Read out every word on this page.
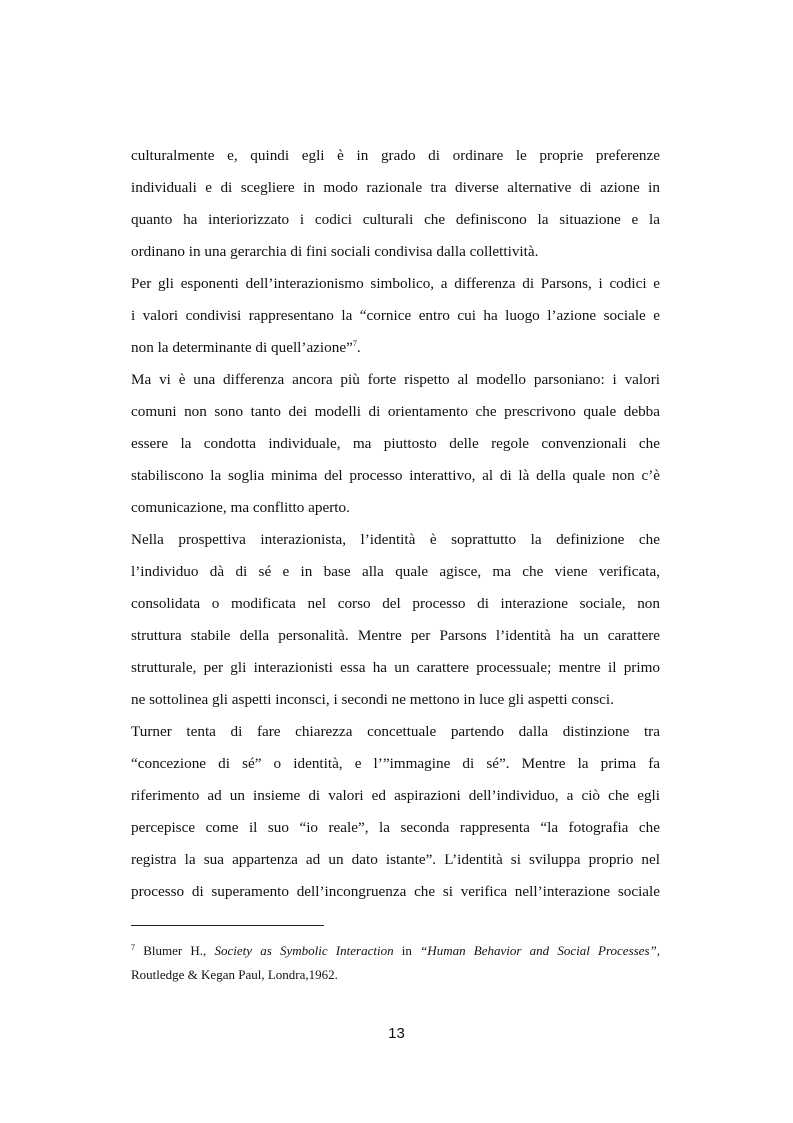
culturalmente e, quindi egli è in grado di ordinare le proprie preferenze
individuali e di scegliere in modo razionale tra diverse alternative di azione in
quanto ha interiorizzato i codici culturali che definiscono la situazione e la
ordinano in una gerarchia di fini sociali condivisa dalla collettività.
Per gli esponenti dell’interazionismo simbolico, a differenza di Parsons, i codici e
i valori condivisi rappresentano la “cornice entro cui ha luogo l’azione sociale e
non la determinante di quell’azione”$^7$.
Ma vi è una differenza ancora più forte rispetto al modello parsoniano: i valori
comuni non sono tanto dei modelli di orientamento che prescrivono quale debba
essere la condotta individuale, ma piuttosto delle regole convenzionali che
stabiliscono la soglia minima del processo interattivo, al di là della quale non c’è
comunicazione, ma conflitto aperto.
Nella prospettiva interazionista, l’identità è soprattutto la definizione che
l’individuo dà di sé e in base alla quale agisce, ma che viene verificata,
consolidata o modificata nel corso del processo di interazione sociale, non
struttura stabile della personalità. Mentre per Parsons l’identità ha un carattere
strutturale, per gli interazionisti essa ha un carattere processuale; mentre il primo
ne sottolinea gli aspetti inconsci, i secondi ne mettono in luce gli aspetti consci.
Turner tenta di fare chiarezza concettuale partendo dalla distinzione tra
“concezione di sé” o identità, e l’”immagine di sé”. Mentre la prima fa
riferimento ad un insieme di valori ed aspirazioni dell’individuo, a ciò che egli
percepisce come il suo “io reale”, la seconda rappresenta “la fotografia che
registra la sua appartenza ad un dato istante”. L’identità si sviluppa proprio nel
processo di superamento dell’incongruenza che si verifica nell’interazione sociale
$^7$ Blumer H., Society as Symbolic Interaction in “Human Behavior and Social Processes”,
Routledge & Kegan Paul, Londra,1962.
13
